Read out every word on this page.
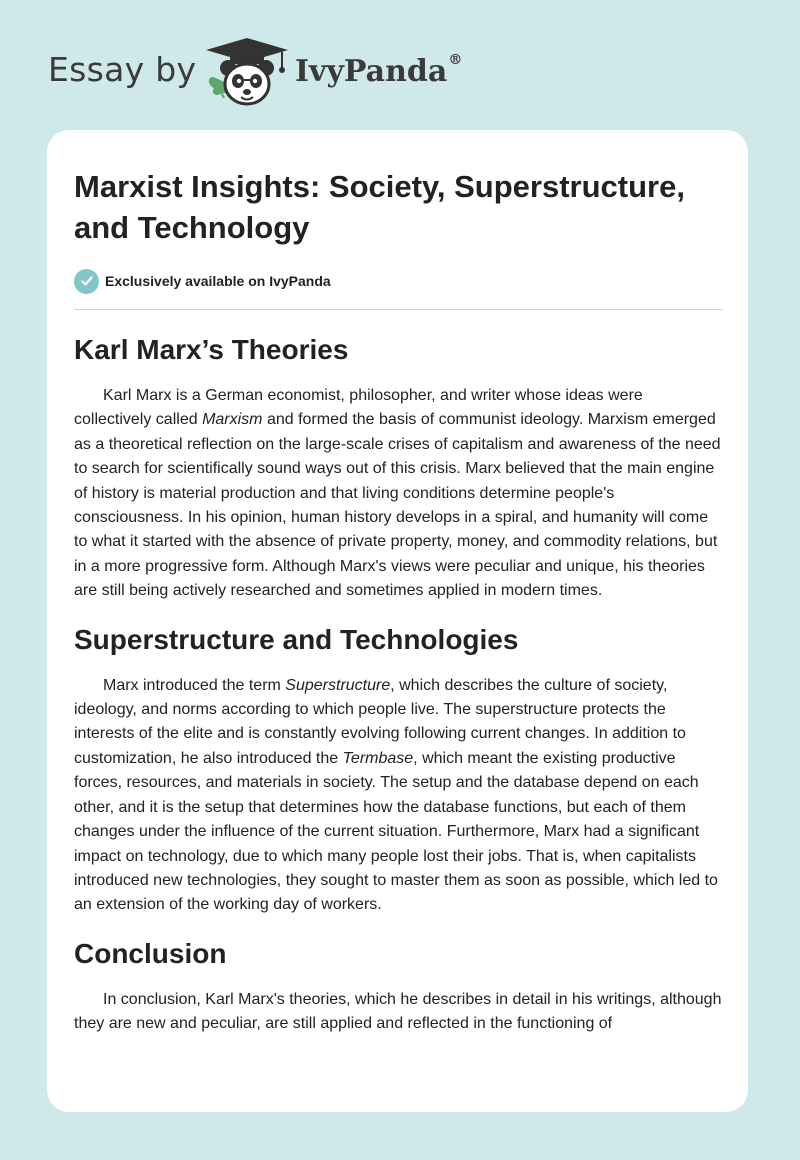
Essay by	IvyPanda®
Marxist Insights: Society, Superstructure, and Technology
Exclusively available on IvyPanda
Karl Marx’s Theories

Karl Marx is a German economist, philosopher, and writer whose ideas were collectively called Marxism and formed the basis of communist ideology. Marxism emerged as a theoretical reflection on the large-scale crises of capitalism and awareness of the need to search for scientifically sound ways out of this crisis. Marx believed that the main engine of history is material production and that living conditions determine people's consciousness. In his opinion, human history develops in a spiral, and humanity will come to what it started with the absence of private property, money, and commodity relations, but in a more progressive form. Although Marx's views were peculiar and unique, his theories are still being actively researched and sometimes applied in modern times.

Superstructure and Technologies

Marx introduced the term Superstructure, which describes the culture of society, ideology, and norms according to which people live. The superstructure protects the interests of the elite and is constantly evolving following current changes. In addition to customization, he also introduced the Termbase, which meant the existing productive forces, resources, and materials in society. The setup and the database depend on each other, and it is the setup that determines how the database functions, but each of them changes under the influence of the current situation. Furthermore, Marx had a significant impact on technology, due to which many people lost their jobs. That is, when capitalists introduced new technologies, they sought to master them as soon as possible, which led to an extension of the working day of workers.

Conclusion

In conclusion, Karl Marx's theories, which he describes in detail in his writings, although they are new and peculiar, are still applied and reflected in the functioning of
